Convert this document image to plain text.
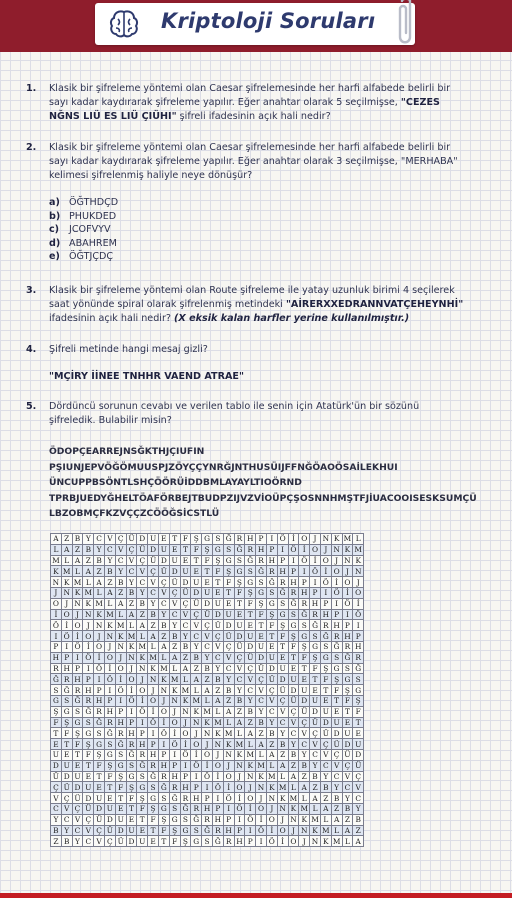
Kriptoloji Soruları
1. Klasik bir şifreleme yöntemi olan Caesar şifrelemesinde her harfi alfabede belirli bir
sayı kadar kaydırarak şifreleme yapılır. Eğer anahtar olarak 5 seçilmişse, "CEZES
NĞNS LIÜ ES LIÜ ÇIÜHI" şifreli ifadesinin açık hali nedir?
2. Klasik bir şifreleme yöntemi olan Caesar şifrelemesinde her harfi alfabede belirli bir
sayı kadar kaydırarak şifreleme yapılır. Eğer anahtar olarak 3 seçilmişse, "MERHABA"
kelimesi şifrelenmiş haliyle neye dönüşür?
a) ÖĞTHDÇD
b) PHUKDED
c) JCOFVYV
d) ABAHREM
e) ÖĞTJÇDÇ
3. Klasik bir şifreleme yöntemi olan Route şifreleme ile yatay uzunluk birimi 4 seçilerek
saat yönünde spiral olarak şifrelenmiş metindeki "AİRERXXEDRANNVATÇEHEYNHİ"
ifadesinin açık hali nedir? (X eksik kalan harfler yerine kullanılmıştır.)
4. Şifreli metinde hangi mesaj gizli?
"MÇİRY İİNEE TNHHR VAEND ATRAE"
5. Dördüncü sorunun cevabı ve verilen tablo ile senin için Atatürk'ün bir sözünü
şifreledik. Bulabilir misin?
ÖDOPÇEARREJNSĞKTHJÇIUFIN
PŞIUNJEPVÖĞÖMUUSPJZÖYÇÇYNRĞJNTHUSÜIJFFNĞÖAOÖSAİLEKHUI
ÜNCUPPBSÖNTLSHÇÖÖRÜİDDBMLAYAYLTIOÖRND
TPRBJUEDYĞHELTÖAFÖRBEJTBUDPZIJVZVİOÜPÇŞOSNNHMŞTFJİUACOOISESKSUMÇÜ
LBZOBMÇFKZVÇÇZCÖÖĞSİCSTLÜ
A	Z	B	Y	C	V	Ç	Ü	D	U	E	T	F	Ş	G	S	Ğ	R	H	P	I	Ö	İ	O	J	N	K	M	L
L	A	Z	B	Y	C	V	Ç	Ü	D	U	E	T	F	Ş	G	S	Ğ	R	H	P	I	Ö	İ	O	J	N	K	M
M	L	A	Z	B	Y	C	V	Ç	Ü	D	U	E	T	F	Ş	G	S	Ğ	R	H	P	I	Ö	İ	O	J	N	K
K	M	L	A	Z	B	Y	C	V	Ç	Ü	D	U	E	T	F	Ş	G	S	Ğ	R	H	P	I	Ö	İ	O	J	N
N	K	M	L	A	Z	B	Y	C	V	Ç	Ü	D	U	E	T	F	Ş	G	S	Ğ	R	H	P	I	Ö	İ	O	J
J	N	K	M	L	A	Z	B	Y	C	V	Ç	Ü	D	U	E	T	F	Ş	G	S	Ğ	R	H	P	I	Ö	İ	O
O	J	N	K	M	L	A	Z	B	Y	C	V	Ç	Ü	D	U	E	T	F	Ş	G	S	Ğ	R	H	P	I	Ö	İ
İ	O	J	N	K	M	L	A	Z	B	Y	C	V	Ç	Ü	D	U	E	T	F	Ş	G	S	Ğ	R	H	P	I	Ö
Ö	İ	O	J	N	K	M	L	A	Z	B	Y	C	V	Ç	Ü	D	U	E	T	F	Ş	G	S	Ğ	R	H	P	I
I	Ö	İ	O	J	N	K	M	L	A	Z	B	Y	C	V	Ç	Ü	D	U	E	T	F	Ş	G	S	Ğ	R	H	P
P	I	Ö	İ	O	J	N	K	M	L	A	Z	B	Y	C	V	Ç	Ü	D	U	E	T	F	Ş	G	S	Ğ	R	H
H	P	I	Ö	İ	O	J	N	K	M	L	A	Z	B	Y	C	V	Ç	Ü	D	U	E	T	F	Ş	G	S	Ğ	R
R	H	P	I	Ö	İ	O	J	N	K	M	L	A	Z	B	Y	C	V	Ç	Ü	D	U	E	T	F	Ş	G	S	Ğ
Ğ	R	H	P	I	Ö	İ	O	J	N	K	M	L	A	Z	B	Y	C	V	Ç	Ü	D	U	E	T	F	Ş	G	S
S	Ğ	R	H	P	I	Ö	İ	O	J	N	K	M	L	A	Z	B	Y	C	V	Ç	Ü	D	U	E	T	F	Ş	G
G	S	Ğ	R	H	P	I	Ö	İ	O	J	N	K	M	L	A	Z	B	Y	C	V	Ç	Ü	D	U	E	T	F	Ş
Ş	G	S	Ğ	R	H	P	I	Ö	İ	O	J	N	K	M	L	A	Z	B	Y	C	V	Ç	Ü	D	U	E	T	F
F	Ş	G	S	Ğ	R	H	P	I	Ö	İ	O	J	N	K	M	L	A	Z	B	Y	C	V	Ç	Ü	D	U	E	T
T	F	Ş	G	S	Ğ	R	H	P	I	Ö	İ	O	J	N	K	M	L	A	Z	B	Y	C	V	Ç	Ü	D	U	E
E	T	F	Ş	G	S	Ğ	R	H	P	I	Ö	İ	O	J	N	K	M	L	A	Z	B	Y	C	V	Ç	Ü	D	U
U	E	T	F	Ş	G	S	Ğ	R	H	P	I	Ö	İ	O	J	N	K	M	L	A	Z	B	Y	C	V	Ç	Ü	D
D	U	E	T	F	Ş	G	S	Ğ	R	H	P	I	Ö	İ	O	J	N	K	M	L	A	Z	B	Y	C	V	Ç	Ü
Ü	D	U	E	T	F	Ş	G	S	Ğ	R	H	P	I	Ö	İ	O	J	N	K	M	L	A	Z	B	Y	C	V	Ç
Ç	Ü	D	U	E	T	F	Ş	G	S	Ğ	R	H	P	I	Ö	İ	O	J	N	K	M	L	A	Z	B	Y	C	V
V	Ç	Ü	D	U	E	T	F	Ş	G	S	Ğ	R	H	P	I	Ö	İ	O	J	N	K	M	L	A	Z	B	Y	C
C	V	Ç	Ü	D	U	E	T	F	Ş	G	S	Ğ	R	H	P	I	Ö	İ	O	J	N	K	M	L	A	Z	B	Y
Y	C	V	Ç	Ü	D	U	E	T	F	Ş	G	S	Ğ	R	H	P	I	Ö	İ	O	J	N	K	M	L	A	Z	B
B	Y	C	V	Ç	Ü	D	U	E	T	F	Ş	G	S	Ğ	R	H	P	I	Ö	İ	O	J	N	K	M	L	A	Z
Z	B	Y	C	V	Ç	Ü	D	U	E	T	F	Ş	G	S	Ğ	R	H	P	I	Ö	İ	O	J	N	K	M	L	A
